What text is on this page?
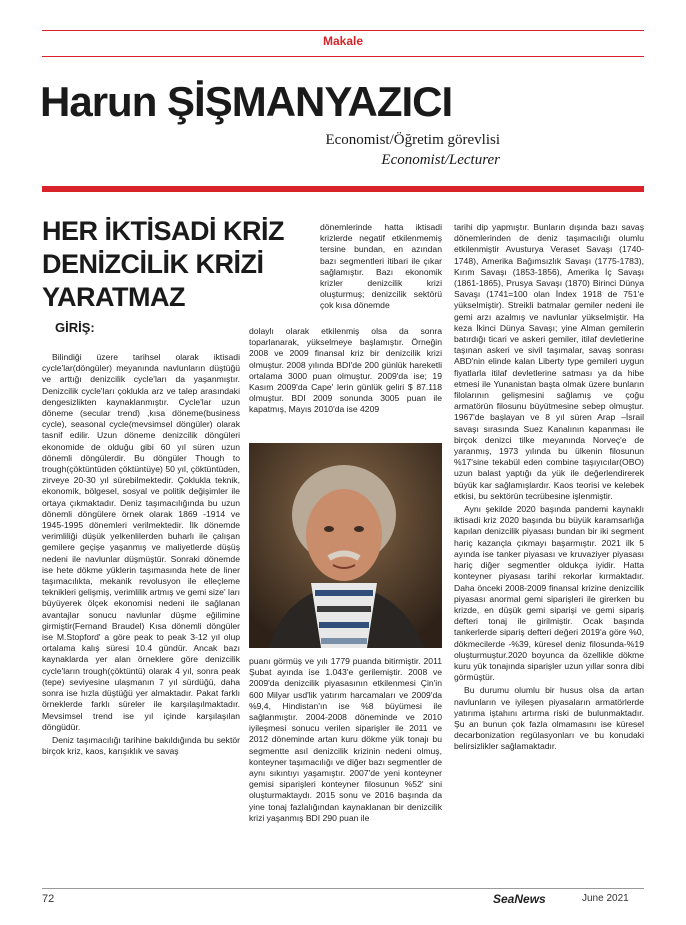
Makale
Harun ŞİŞMANYAZICI
Economist/Öğretim görevlisi
Economist/Lecturer
HER İKTİSADİ KRİZ DENİZCİLİK KRİZİ YARATMAZ
GİRİŞ:

Bilindiği üzere tarihsel olarak iktisadi cycle'lar(döngüler) meyanında navlunların düştüğü ve arttığı denizcilik cycle'ları da yaşanmıştır. Denizcilik cycle'ları çoklukla arz ve talep arasındaki dengesizlikten kaynaklanmıştır. Cycle'lar uzun döneme (secular trend) ,kısa döneme(business cycle), seasonal cycle(mevsimsel döngüler) olarak tasnif edilir. Uzun döneme denizcilik döngüleri ekonomide de olduğu gibi 60 yıl süren uzun dönemli döngülerdir. Bu döngüler Though to trough(çöktüntüden çöktüntüye) 50 yıl, çöktüntüden, zirveye 20-30 yıl sürebilmektedir. Çoklukla teknik, ekonomik, bölgesel, sosyal ve politik değişimler ile ortaya çıkmaktadır. Deniz taşımacılığında bu uzun dönemli döngülere örnek olarak 1869 -1914 ve 1945-1995 dönemleri verilmektedir. İlk dönemde verimliliği düşük yelkenlilerden buharlı ile çalışan gemilere geçişe yaşanmış ve maliyetlerde düşüş nedeni ile navlunlar düşmüştür. Sonraki dönemde ise hete dökme yüklerin taşımasında hete de liner taşımacılıkta, mekanik revolusyon ile elleçleme teknikleri gelişmiş, verimlilik artmış ve gemi size' ları büyüyerek ölçek ekonomisi nedeni ile sağlanan avantajlar sonucu navlunlar düşme eğilimine girmiştir(Fernand Braudel) Kısa dönemli döngüler ise M.Stopford' a göre peak to peak 3-12 yıl olup ortalama kalış süresi 10.4 gündür. Ancak bazı kaynaklarda yer alan örneklere göre denizcilik cycle'ların trough(çöktüntü) olarak 4 yıl, sonra peak (tepe) seviyesine ulaşmanın 7 yıl sürdüğü, daha sonra ise hızla düştüğü yer almaktadır. Pakat farklı örneklerde farklı süreler ile karşılaşılmaktadır. Mevsimsel trend ise yıl içinde karşılaşılan döngüdür.

Deniz taşımacılığı tarihine bakıldığında bu sektör birçok kriz, kaos, karışıklık ve savaş

dönemlerinde hatta iktisadi krizlerde negatif etkilenmemiş tersine bundan, en azından bazı segmentleri itibari ile çıkar sağlamıştır. Bazı ekonomik krizler denizcilik krizi oluşturmuş; denizcilik sektörü çok kısa dönemde

dolaylı olarak etkilenmiş olsa da sonra toparlanarak, yükselmeye başlamıştır. Örneğin 2008 ve 2009 finansal kriz bir denizcilik krizi olmuştur. 2008 yılında BDI'de 200 günlük hareketli ortalama 3000 puan olmuştur. 2009'da ise; 19 Kasım 2009'da Cape' lerin günlük geliri $ 87.118 olmuştur. BDI 2009 sonunda 3005 puan ile kapatmış, Mayıs 2010'da ise 4209

puanı görmüş ve yılı 1779 puanda bitirmiştir. 2011 Şubat ayında ise 1.043'e gerilemiştir. 2008 ve 2009'da denizcilik piyasasının etkilenmesi Çin'in 600 Milyar usd'lik yatırım harcamaları ve 2009'da %9,4, Hindistan'ın ise %8 büyümesi ile sağlanmıştır. 2004-2008 döneminde ve 2010 iyileşmesi sonucu verilen siparişler ile 2011 ve 2012 döneminde artan kuru dökme yük tonajı bu segmentte asıl denizcilik krizinin nedeni olmuş, konteyner taşımacılığı ve diğer bazı segmentler de aynı sıkıntıyı yaşamıştır. 2007'de yeni konteyner gemisi siparişleri konteyner filosunun %52' sini oluşturmaktaydı. 2015 sonu ve 2016 başında da yine tonaj fazlalığından kaynaklanan bir denizcilik krizi yaşanmış BDI 290 puan ile

tarihi dip yapmıştır. Bunların dışında bazı savaş dönemlerinden de deniz taşımacılığı olumlu etkilenmiştir Avusturya Veraset Savaşı (1740-1748), Amerika Bağımsızlık Savaşı (1775-1783), Kırım Savaşı (1853-1856), Amerika İç Savaşı (1861-1865), Prusya Savaşı (1870) Birinci Dünya Savaşı (1741=100 olan İndex 1918 de 751'e yükselmiştir). Streikli batmalar gemiler nedeni ile gemi arzı azalmış ve navlunlar yükselmiştir. Ha keza İkinci Dünya Savaşı; yine Alman gemilerin batırdığı ticari ve askeri gemiler, itilaf devletlerine taşınan askeri ve sivil taşımalar, savaş sonrası ABD'nin elinde kalan Liberty type gemileri uygun fiyatlarla itilaf devletlerine satması ya da hibe etmesi ile Yunanistan başta olmak üzere bunların filolarının gelişmesini sağlamış ve çoğu armatörün filosunu büyütmesine sebep olmuştur. 1967'de başlayan ve 8 yıl süren Arap –İsrail savaşı sırasında Suez Kanalının kapanması ile birçok denizci tilke meyanında Norveç'e de yaranmış, 1973 yılında bu ülkenin filosunun %17'sine tekabül eden combine taşıyıcılar(OBO) uzun balast yaptığı da yük ile değerlendirerek büyük kar sağlamışlardır. Kaos teorisi ve kelebek etkisi, bu sektörün tecrübesine işlenmiştir.

Aynı şekilde 2020 başında pandemi kaynaklı iktisadi kriz 2020 başında bu büyük karamsarlığa kapılan denizcilik piyasası bundan bir iki segment hariç kazançla çıkmayı başarmıştır. 2021 ilk 5 ayında ise tanker piyasası ve kruvaziyer piyasası hariç diğer segmentler oldukça iyidir. Hatta konteyner piyasası tarihi rekorlar kırmaktadır. Daha önceki 2008-2009 finansal krizine denizcilik piyasası anormal gemi siparişleri ile girerken bu krizde, en düşük gemi siparişi ve gemi sipariş defteri tonaj ile girilmiştir. Ocak başında tankerlerde sipariş defteri değeri 2019'a göre %0, dökmecilerde -%39, küresel deniz filosunda-%19 oluşturmuştur.2020 boyunca da özellikle dökme kuru yük tonajında siparişler uzun yıllar sonra dibi görmüştür.

Bu durumu olumlu bir husus olsa da artan navlunların ve iyileşen piyasaların armatörlerde yatırıma iştahını artırma riski de bulunmaktadır. Şu an bunun çok fazla olmamasını ise küresel decarbonization regülasyonları ve bu konudaki belirsizlikler sağlamaktadır.

72	SeaNews	June 2021
